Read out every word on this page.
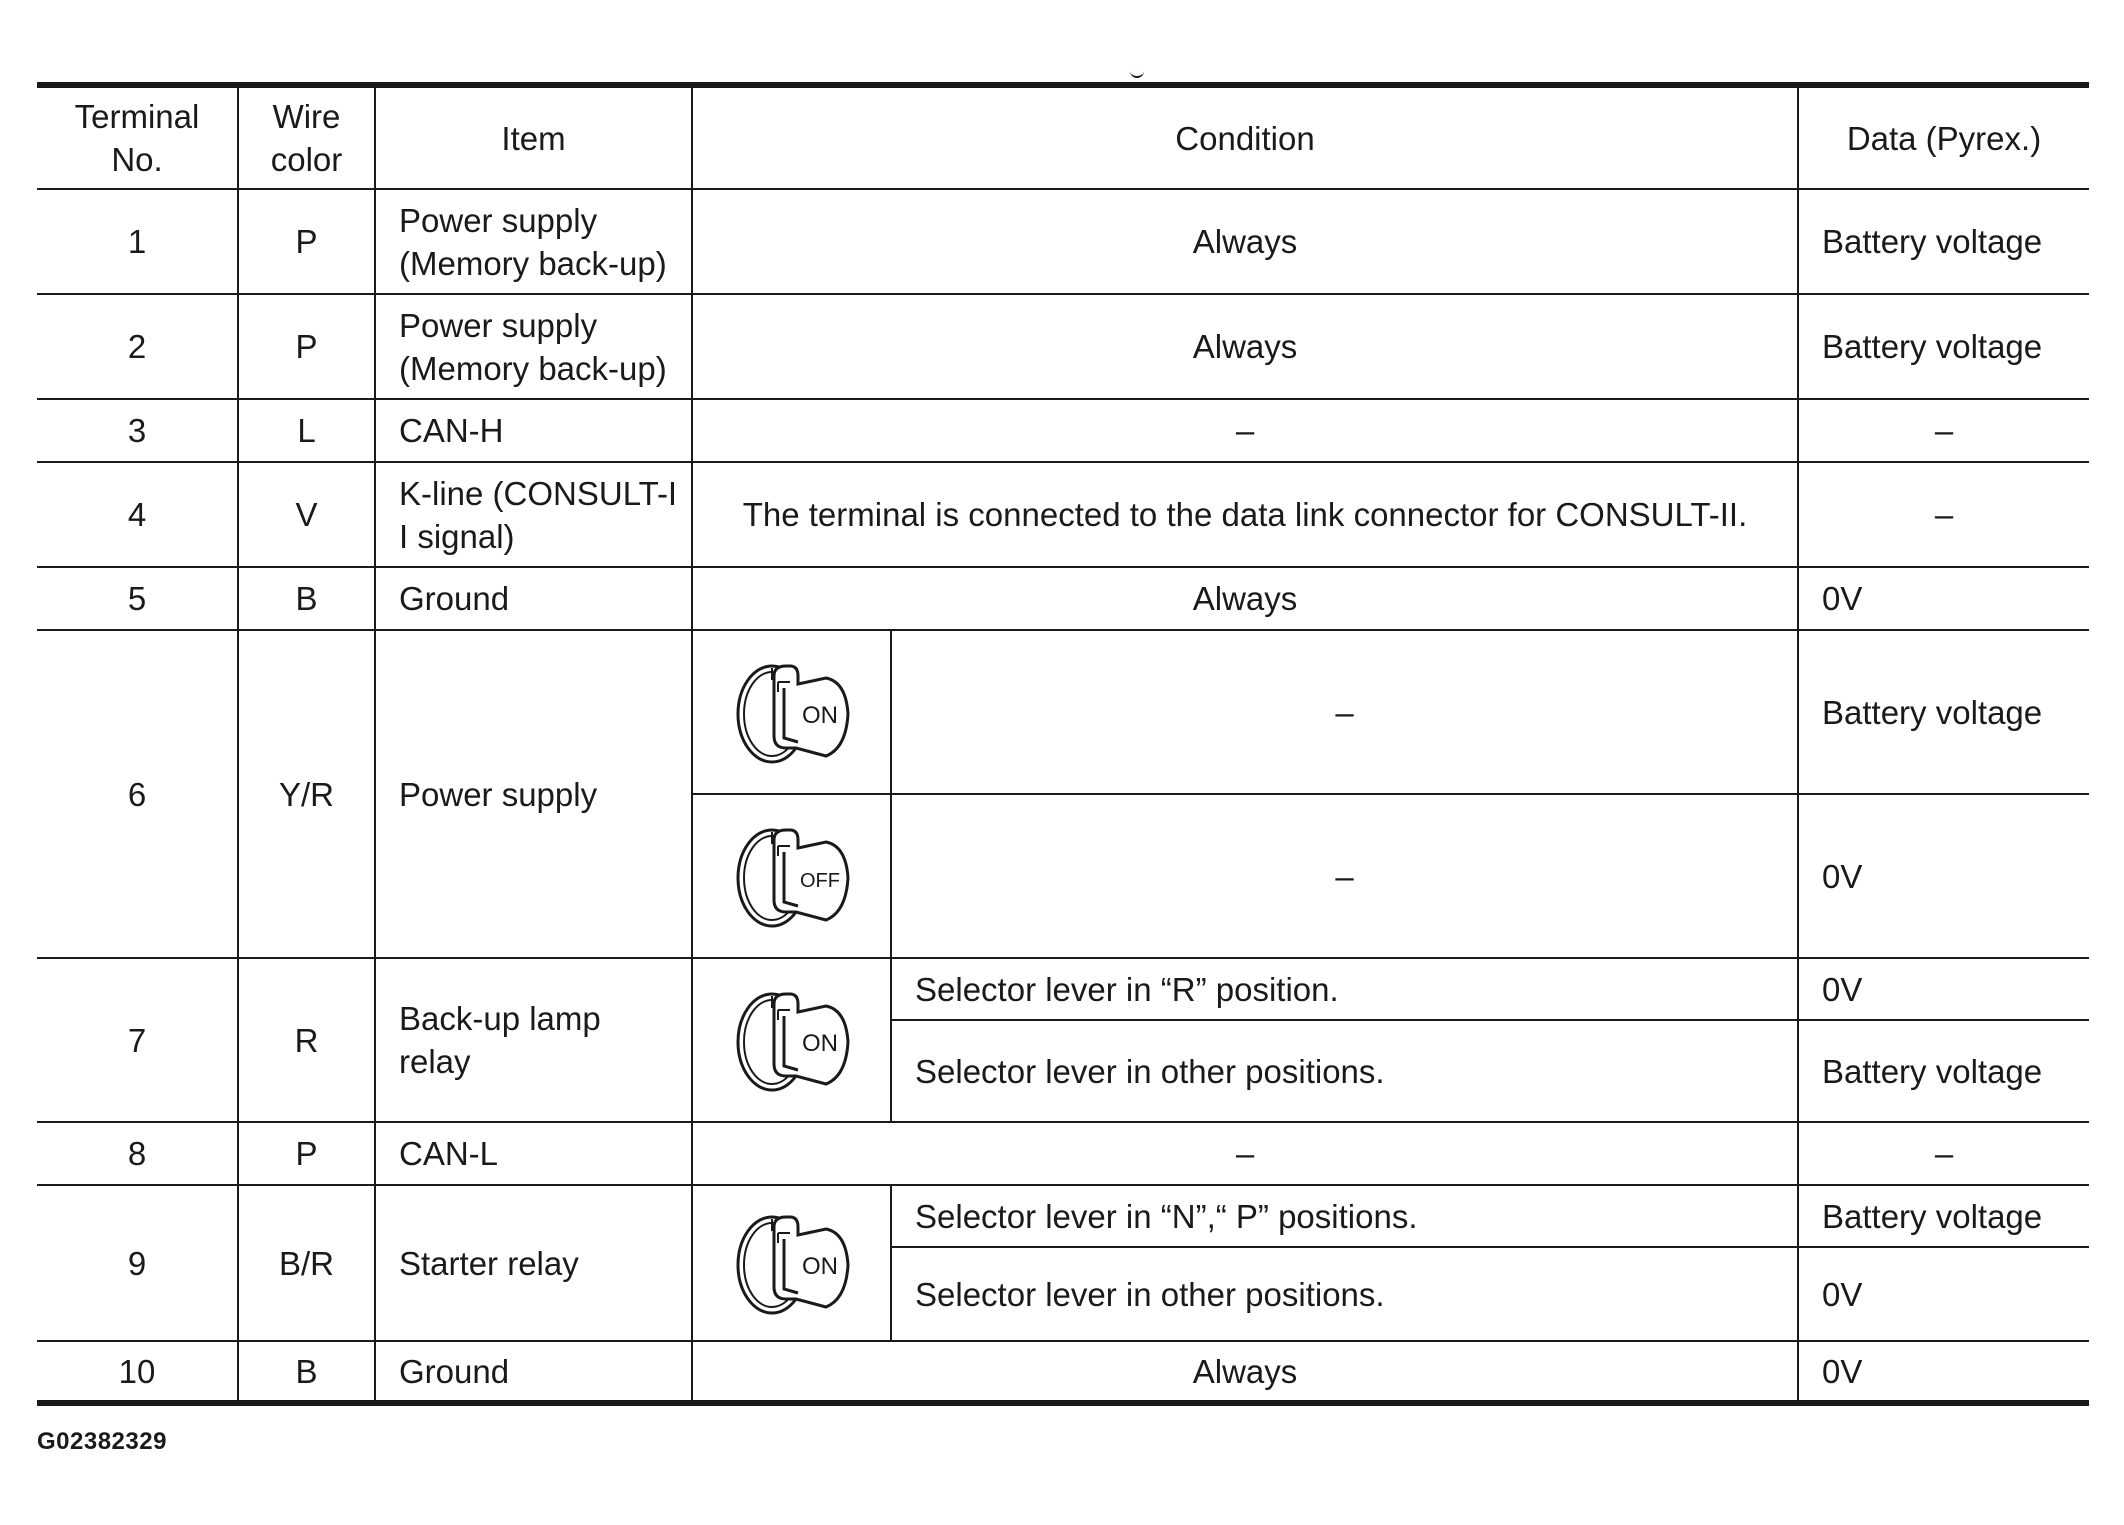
Terminal No.	Wire color	Item	Condition		Data (Pyrex.)
1	P	Power supply (Memory back-up)	Always		Battery voltage
2	P	Power supply (Memory back-up)	Always		Battery voltage
3	L	CAN-H	–		–
4	V	K-line (CONSULT-II signal)	The terminal is connected to the data link connector for CONSULT-II.		–
5	B	Ground	Always		0V
6	Y/R	Power supply	ON	–	Battery voltage

OFF	–	0V
7	R	Back-up lamp relay	ON	Selector lever in “R” position.	0V
				Selector lever in other positions.	Battery voltage
8	P	CAN-L	–		–
9	B/R	Starter relay	ON	Selector lever in “N”,“ P” positions.	Battery voltage
				Selector lever in other positions.	0V
10	B	Ground	Always		0V
G02382329
